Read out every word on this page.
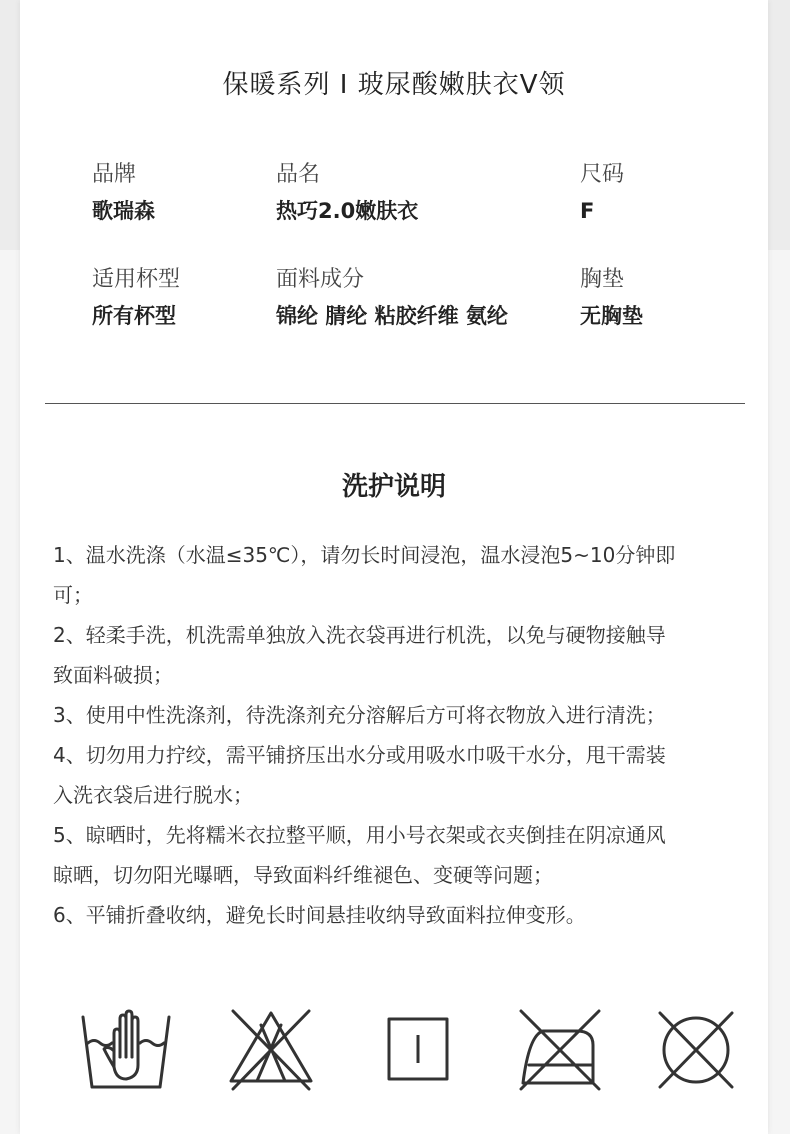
保暖系列 I 玻尿酸嫩肤衣V领
品牌
歌瑞森
品名
热巧2.0嫩肤衣
尺码
F
适用杯型
所有杯型
面料成分
锦纶 腈纶 粘胶纤维 氨纶
胸垫
无胸垫
洗护说明

1、温水洗涤（水温≤35℃），请勿长时间浸泡，温水浸泡5~10分钟即

可；

2、轻柔手洗，机洗需单独放入洗衣袋再进行机洗，以免与硬物接触导

致面料破损；

3、使用中性洗涤剂，待洗涤剂充分溶解后方可将衣物放入进行清洗；

4、切勿用力拧绞，需平铺挤压出水分或用吸水巾吸干水分，甩干需装

入洗衣袋后进行脱水；

5、晾晒时，先将糯米衣拉整平顺，用小号衣架或衣夹倒挂在阴凉通风

晾晒，切勿阳光曝晒，导致面料纤维褪色、变硬等问题；

6、平铺折叠收纳，避免长时间悬挂收纳导致面料拉伸变形。
